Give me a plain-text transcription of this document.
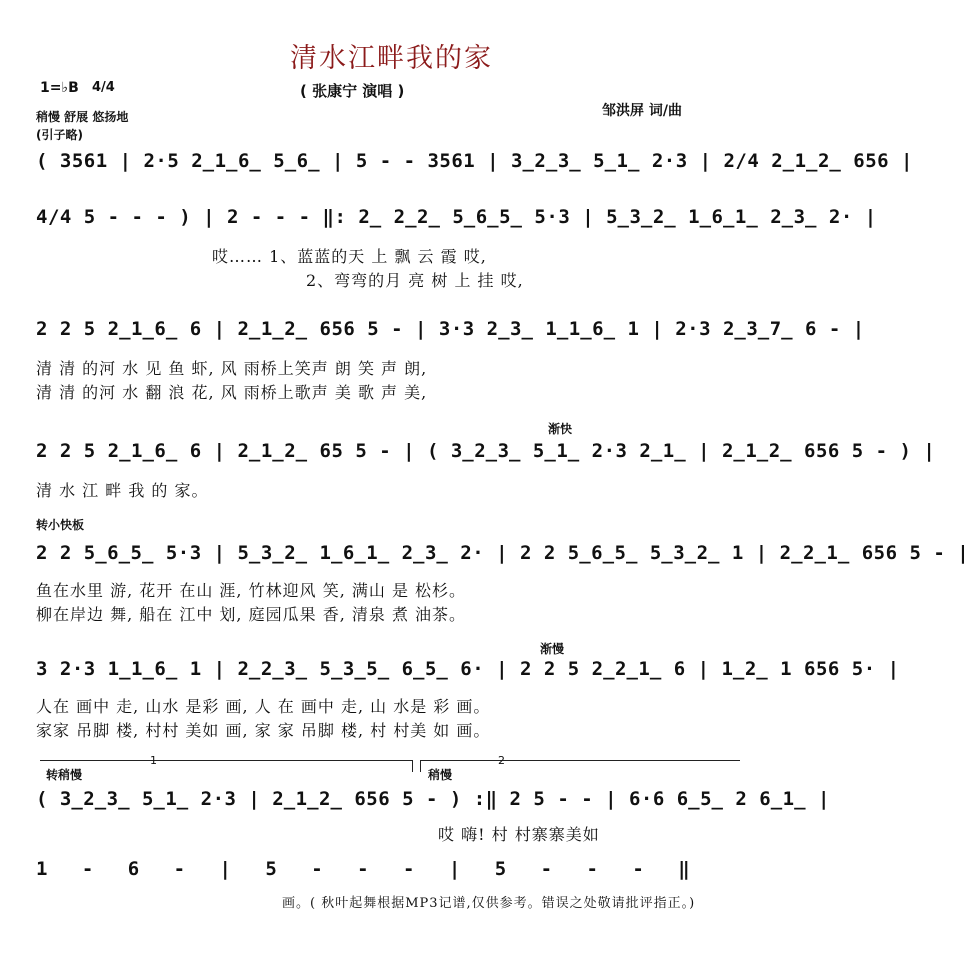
清水江畔我的家
1=♭B 4/4	( 张康宁 演唱 )
邹洪屏 词/曲
稍慢 舒展 悠扬地
(引子略)
( 3561 | 2·5 2̲1̲6̲ 5̲6̲ | 5 - - 3561 | 3̲2̲3̲ 5̲1̲ 2·3 | 2/4 2̲1̲2̲ 656 |
4/4 5 - - - ) | 2 - - - ‖: 2̲ 2̲2̲ 5̲6̲5̲ 5·3 | 5̲3̲2̲ 1̲6̲1̲ 2̲3̲ 2· |
哎…… 1、蓝蓝的天 上 飘 云 霞 哎,
2、弯弯的月 亮 树 上 挂 哎,
2 2 5 2̲1̲6̲ 6 | 2̲1̲2̲ 656 5 - | 3·3 2̲3̲ 1̲1̲6̲ 1 | 2·3 2̲3̲7̲ 6 - |
清 清 的河 水 见 鱼 虾, 风 雨桥上笑声 朗 笑 声 朗,
清 清 的河 水 翻 浪 花, 风 雨桥上歌声 美 歌 声 美,
渐快
2 2 5 2̲1̲6̲ 6 | 2̲1̲2̲ 65 5 - | ( 3̲2̲3̲ 5̲1̲ 2·3 2̲1̲ | 2̲1̲2̲ 656 5 - ) |
清 水 江 畔 我 的 家。
转小快板
2 2 5̲6̲5̲ 5·3 | 5̲3̲2̲ 1̲6̲1̲ 2̲3̲ 2· | 2 2 5̲6̲5̲ 5̲3̲2̲ 1 | 2̲2̲1̲ 656 5 - |
鱼在水里 游, 花开 在山 涯, 竹林迎风 笑, 满山 是 松杉。
柳在岸边 舞, 船在 江中 划, 庭园瓜果 香, 清泉 煮 油茶。
渐慢
3 2·3 1̲1̲6̲ 1 | 2̲2̲3̲ 5̲3̲5̲ 6̲5̲ 6· | 2 2 5 2̲2̲1̲ 6 | 1̲2̲ 1 656 5· |
人在 画中 走, 山水 是彩 画, 人 在 画中 走, 山 水是 彩 画。
家家 吊脚 楼, 村村 美如 画, 家 家 吊脚 楼, 村 村美 如 画。
1	2
转稍慢	稍慢
( 3̲2̲3̲ 5̲1̲ 2·3 | 2̲1̲2̲ 656 5 - ) :‖ 2 5 - - | 6·6 6̲5̲ 2 6̲1̲ |
哎 嗨! 村 村寨寨美如
1 - 6 - | 5 - - - | 5 - - - ‖
画。( 秋叶起舞根据MP3记谱,仅供参考。错误之处敬请批评指正。)
